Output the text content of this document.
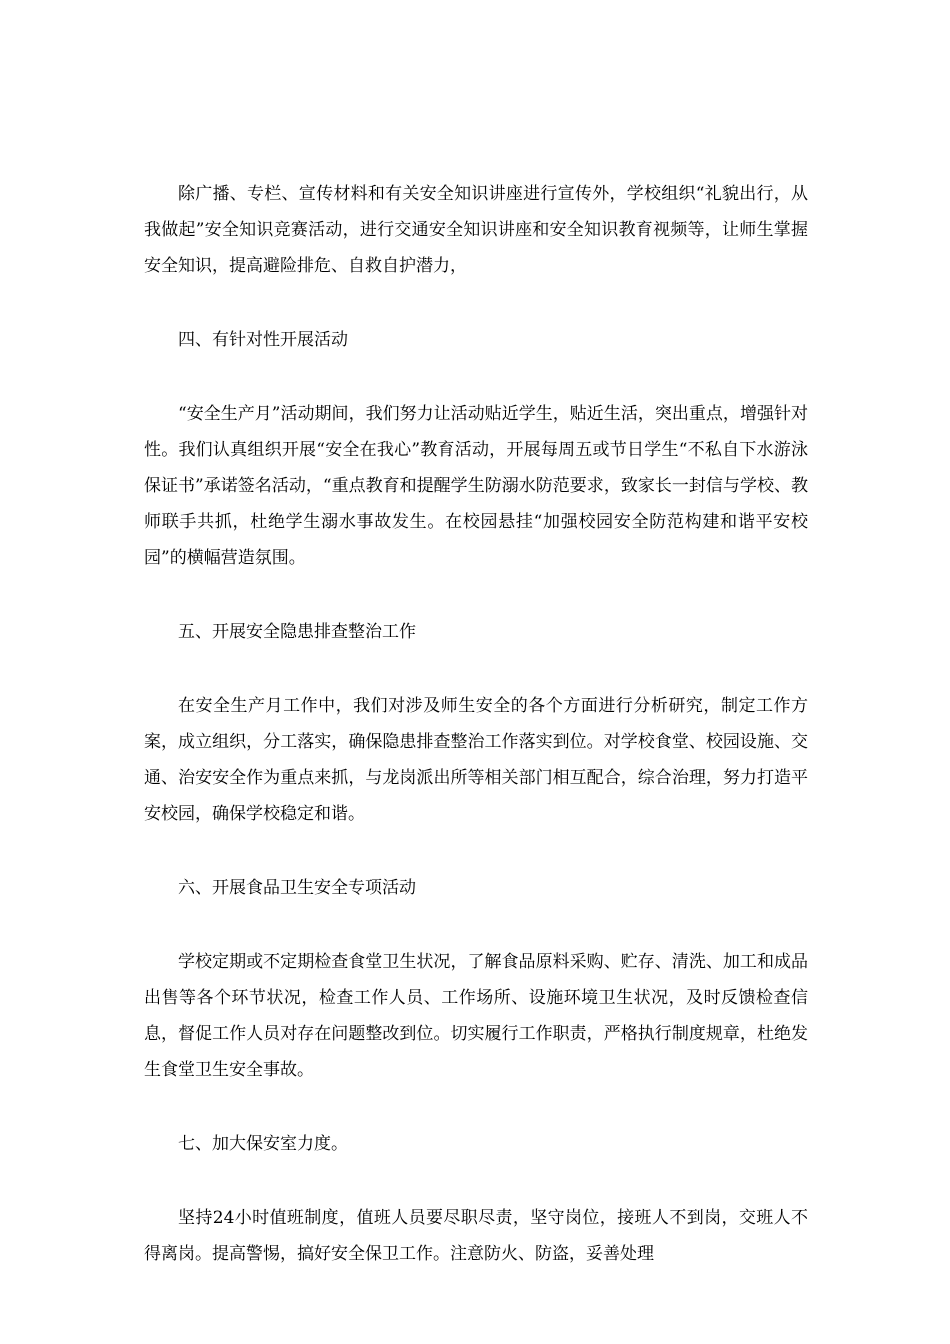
除广播、专栏、宣传材料和有关安全知识讲座进行宣传外，学校组织“礼貌出行，从我做起”安全知识竞赛活动，进行交通安全知识讲座和安全知识教育视频等，让师生掌握安全知识，提高避险排危、自救自护潜力，

四、有针对性开展活动

“安全生产月”活动期间，我们努力让活动贴近学生，贴近生活，突出重点，增强针对性。我们认真组织开展“安全在我心”教育活动，开展每周五或节日学生“不私自下水游泳保证书”承诺签名活动，“重点教育和提醒学生防溺水防范要求，致家长一封信与学校、教师联手共抓，杜绝学生溺水事故发生。在校园悬挂“加强校园安全防范构建和谐平安校园”的横幅营造氛围。

五、开展安全隐患排查整治工作

在安全生产月工作中，我们对涉及师生安全的各个方面进行分析研究，制定工作方案，成立组织，分工落实，确保隐患排查整治工作落实到位。对学校食堂、校园设施、交通、治安安全作为重点来抓，与龙岗派出所等相关部门相互配合，综合治理，努力打造平安校园，确保学校稳定和谐。

六、开展食品卫生安全专项活动

学校定期或不定期检查食堂卫生状况，了解食品原料采购、贮存、清洗、加工和成品出售等各个环节状况，检查工作人员、工作场所、设施环境卫生状况，及时反馈检查信息，督促工作人员对存在问题整改到位。切实履行工作职责，严格执行制度规章，杜绝发生食堂卫生安全事故。

七、加大保安室力度。

坚持24小时值班制度，值班人员要尽职尽责，坚守岗位，接班人不到岗，交班人不得离岗。提高警惕，搞好安全保卫工作。注意防火、防盗，妥善处理
